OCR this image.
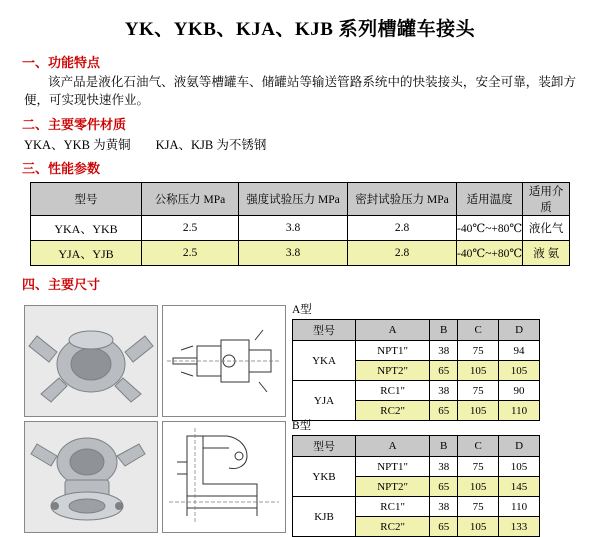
YK、YKB、KJA、KJB 系列槽罐车接头
一、功能特点
该产品是液化石油气、液氨等槽罐车、储罐站等输送管路系统中的快装接头，安全可靠，装卸方便，可实现快速作业。
二、主要零件材质
YKA、YKB 为黄铜        KJA、KJB 为不锈钢
三、性能参数
型号	公称压力 MPa	强度试验压力 MPa	密封试验压力 MPa	适用温度	适用介质
YKA、YKB	2.5	3.8	2.8	-40℃~+80℃	液化气
YJA、YJB	2.5	3.8	2.8	-40℃~+80℃	液 氨
四、主要尺寸
A型
型号	A	B	C	D
YKA	NPT1"	38	75	94
	NPT2"	65	105	105
YJA	RC1"	38	75	90
	RC2"	65	105	110
B型
型号	A	B	C	D
YKB	NPT1"	38	75	105
	NPT2"	65	105	145
KJB	RC1"	38	75	110
	RC2"	65	105	133
